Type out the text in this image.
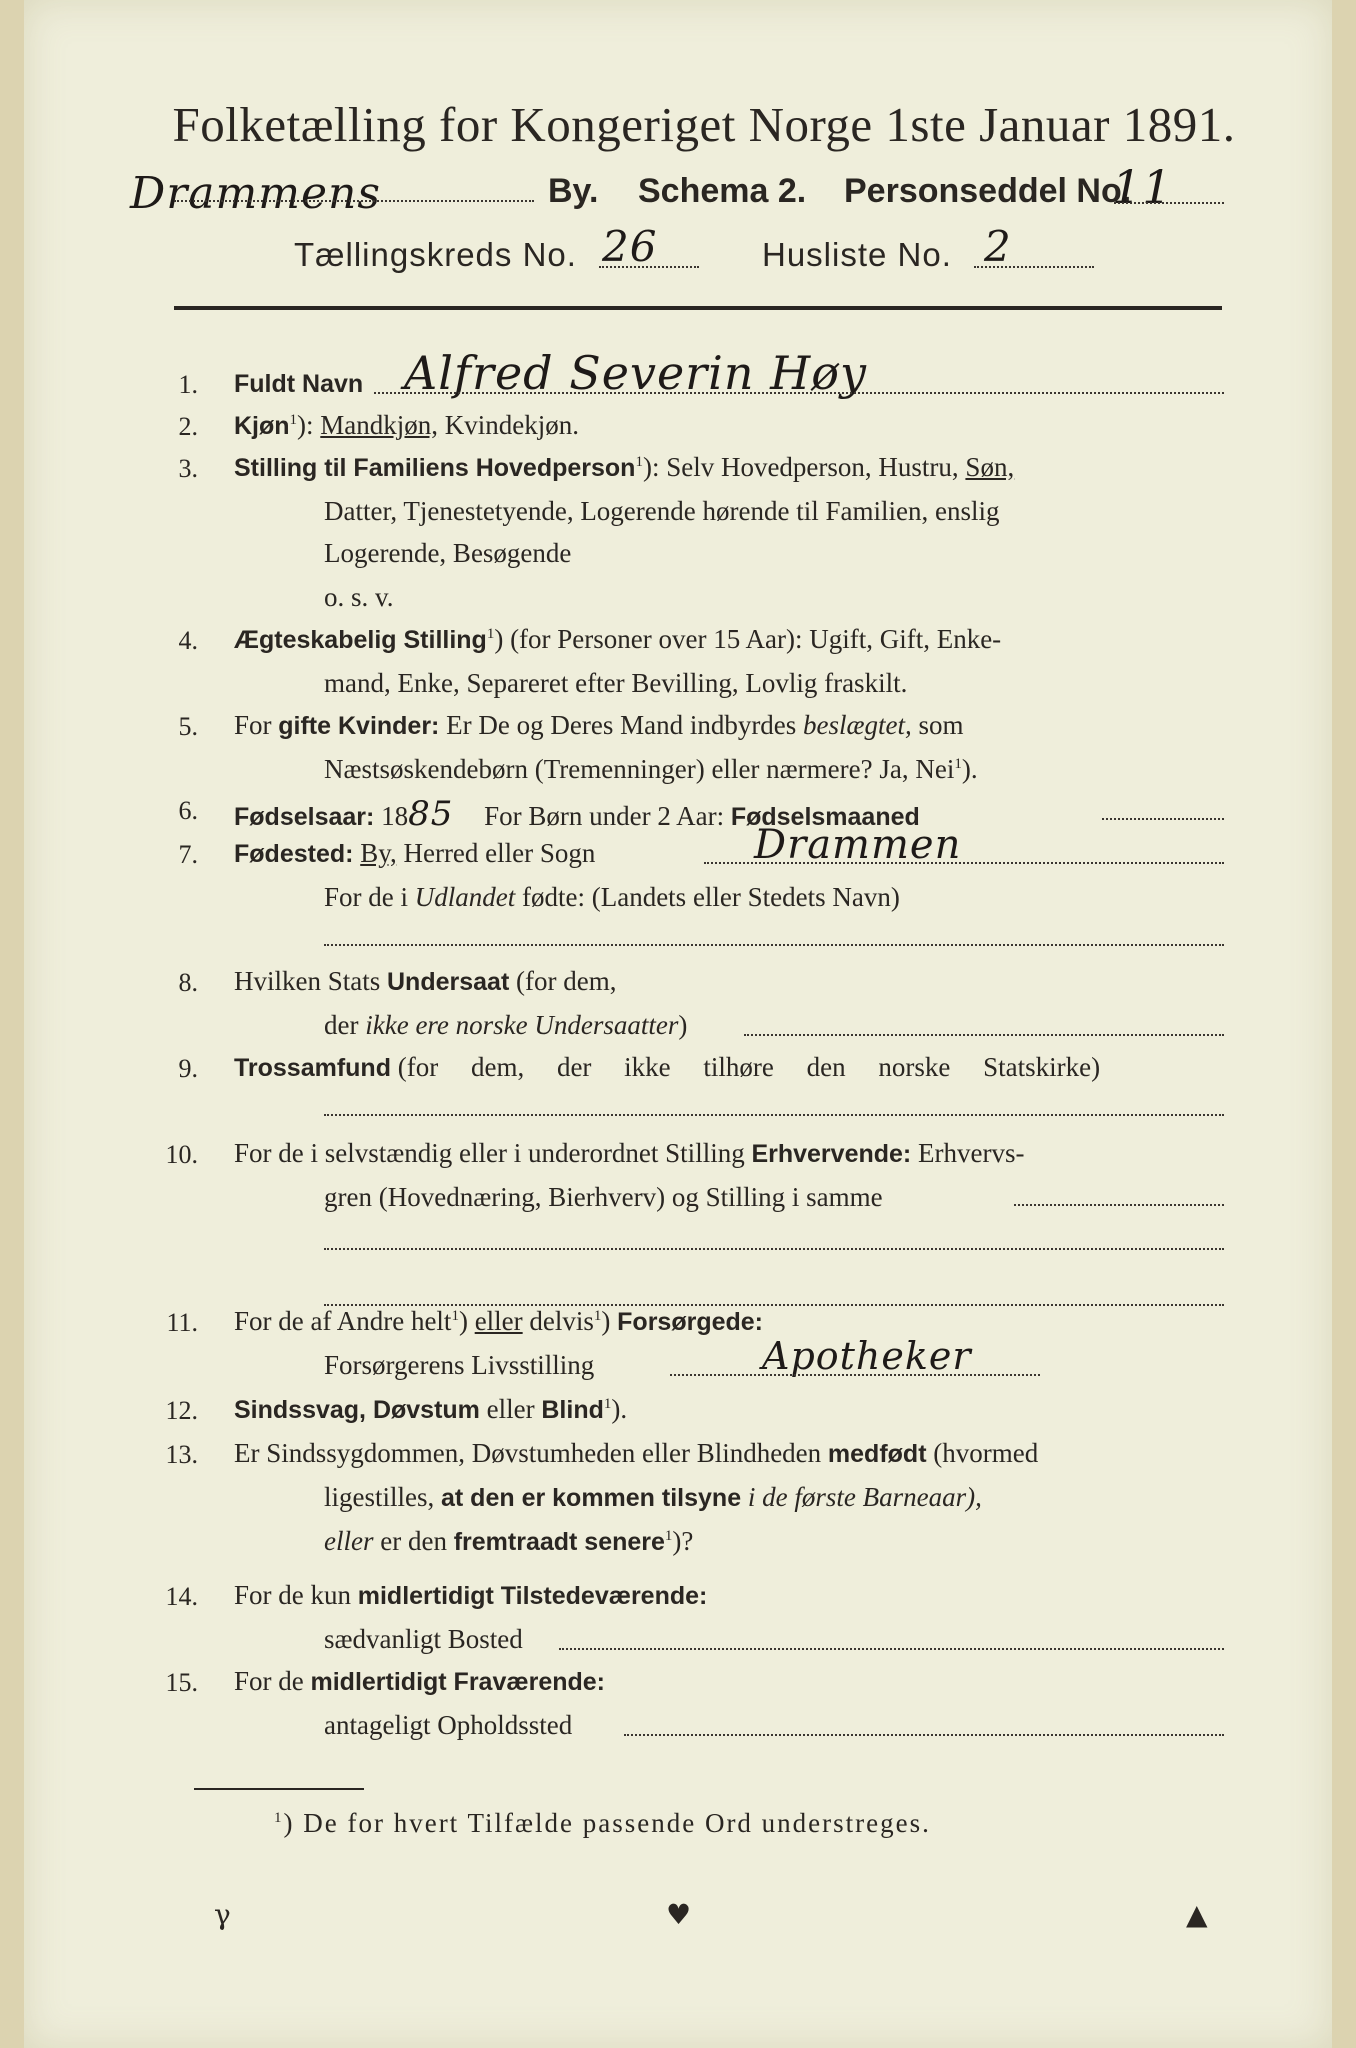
Folketælling for Kongeriget Norge 1ste Januar 1891.
Drammens	By. Schema 2. Personseddel No.
11
Tællingskreds No. 26	Husliste No. 2
1. Fuldt Navn Alfred Severin Høy
2. Kjøn$^1$): Mandkjøn, Kvindekjøn.
3. Stilling til Familiens Hovedperson$^1$): Selv Hovedperson, Hustru, Søn,
Datter, Tjenestetyende, Logerende hørende til Familien, enslig
Logerende, Besøgende
o. s. v.
4. Ægteskabelig Stilling$^1$) (for Personer over 15 Aar): Ugift, Gift, Enke-
mand, Enke, Separeret efter Bevilling, Lovlig fraskilt.
5. For gifte Kvinder: Er De og Deres Mand indbyrdes beslægtet, som
Næstsøskendebørn (Tremenninger) eller nærmere? Ja, Nei$^1$).
6. Fødselsaar: 1885 For Børn under 2 Aar: Fødselsmaaned
7. Fødested: By, Herred eller Sogn	Drammen
For de i Udlandet fødte: (Landets eller Stedets Navn)
8. Hvilken Stats Undersaat (for dem,
der ikke ere norske Undersaatter)
9. Trossamfund (for dem, der ikke tilhøre den norske Statskirke)
10. For de i selvstændig eller i underordnet Stilling Erhvervende: Erhvervs-
gren (Hovednæring, Bierhverv) og Stilling i samme
11. For de af Andre helt$^1$) eller delvis$^1$) Forsørgede:
Forsørgerens Livsstilling	Apotheker
12. Sindssvag, Døvstum eller Blind$^1$).
13. Er Sindssygdommen, Døvstumheden eller Blindheden medfødt (hvormed
ligestilles, at den er kommen tilsyne i de første Barneaar),
eller er den fremtraadt senere$^1$)?
14. For de kun midlertidigt Tilstedeværende:
sædvanligt Bosted
15. For de midlertidigt Fraværende:
antageligt Opholdssted
$^1$) De for hvert Tilfælde passende Ord understreges.
γ	♥	▲
